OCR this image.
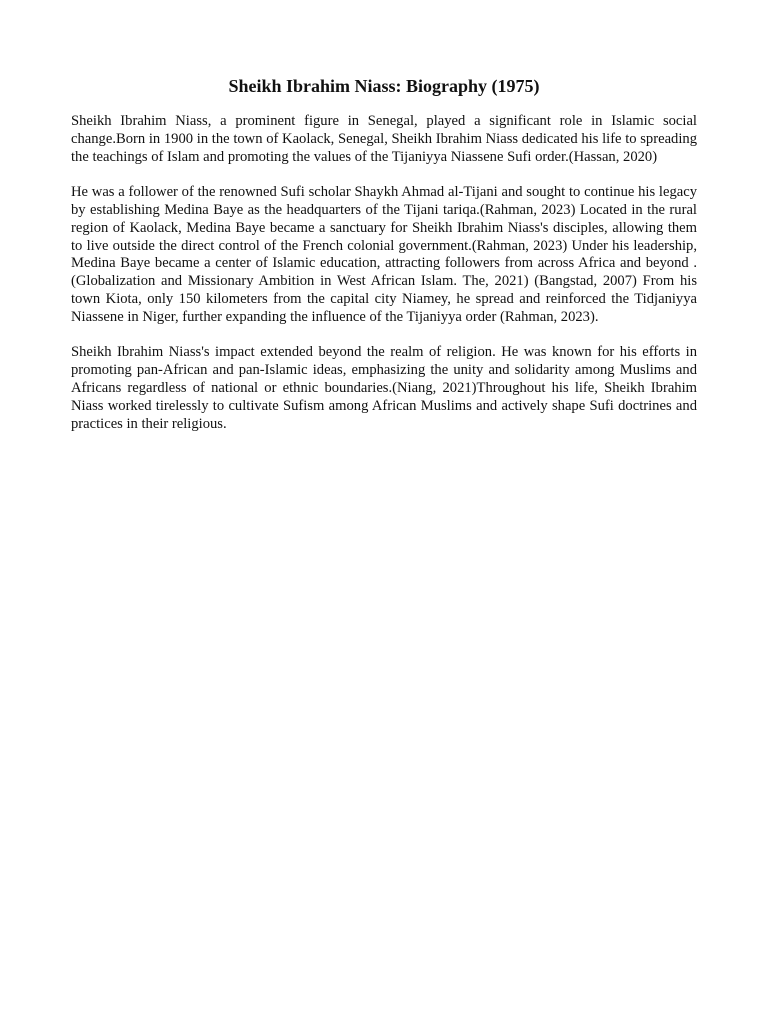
Sheikh Ibrahim Niass: Biography (1975)

Sheikh Ibrahim Niass, a prominent figure in Senegal, played a significant role in Islamic social change.Born in 1900 in the town of Kaolack, Senegal, Sheikh Ibrahim Niass dedicated his life to spreading the teachings of Islam and promoting the values of the Tijaniyya Niassene Sufi order.(Hassan, 2020)

He was a follower of the renowned Sufi scholar Shaykh Ahmad al-Tijani and sought to continue his legacy by establishing Medina Baye as the headquarters of the Tijani tariqa.(Rahman, 2023) Located in the rural region of Kaolack, Medina Baye became a sanctuary for Sheikh Ibrahim Niass's disciples, allowing them to live outside the direct control of the French colonial government.(Rahman, 2023) Under his leadership, Medina Baye became a center of Islamic education, attracting followers from across Africa and beyond .(Globalization and Missionary Ambition in West African Islam. The, 2021) (Bangstad, 2007) From his town Kiota, only 150 kilometers from the capital city Niamey, he spread and reinforced the Tidjaniyya Niassene in Niger, further expanding the influence of the Tijaniyya order (Rahman, 2023).

Sheikh Ibrahim Niass's impact extended beyond the realm of religion. He was known for his efforts in promoting pan-African and pan-Islamic ideas, emphasizing the unity and solidarity among Muslims and Africans regardless of national or ethnic boundaries.(Niang, 2021)Throughout his life, Sheikh Ibrahim Niass worked tirelessly to cultivate Sufism among African Muslims and actively shape Sufi doctrines and practices in their religious.
